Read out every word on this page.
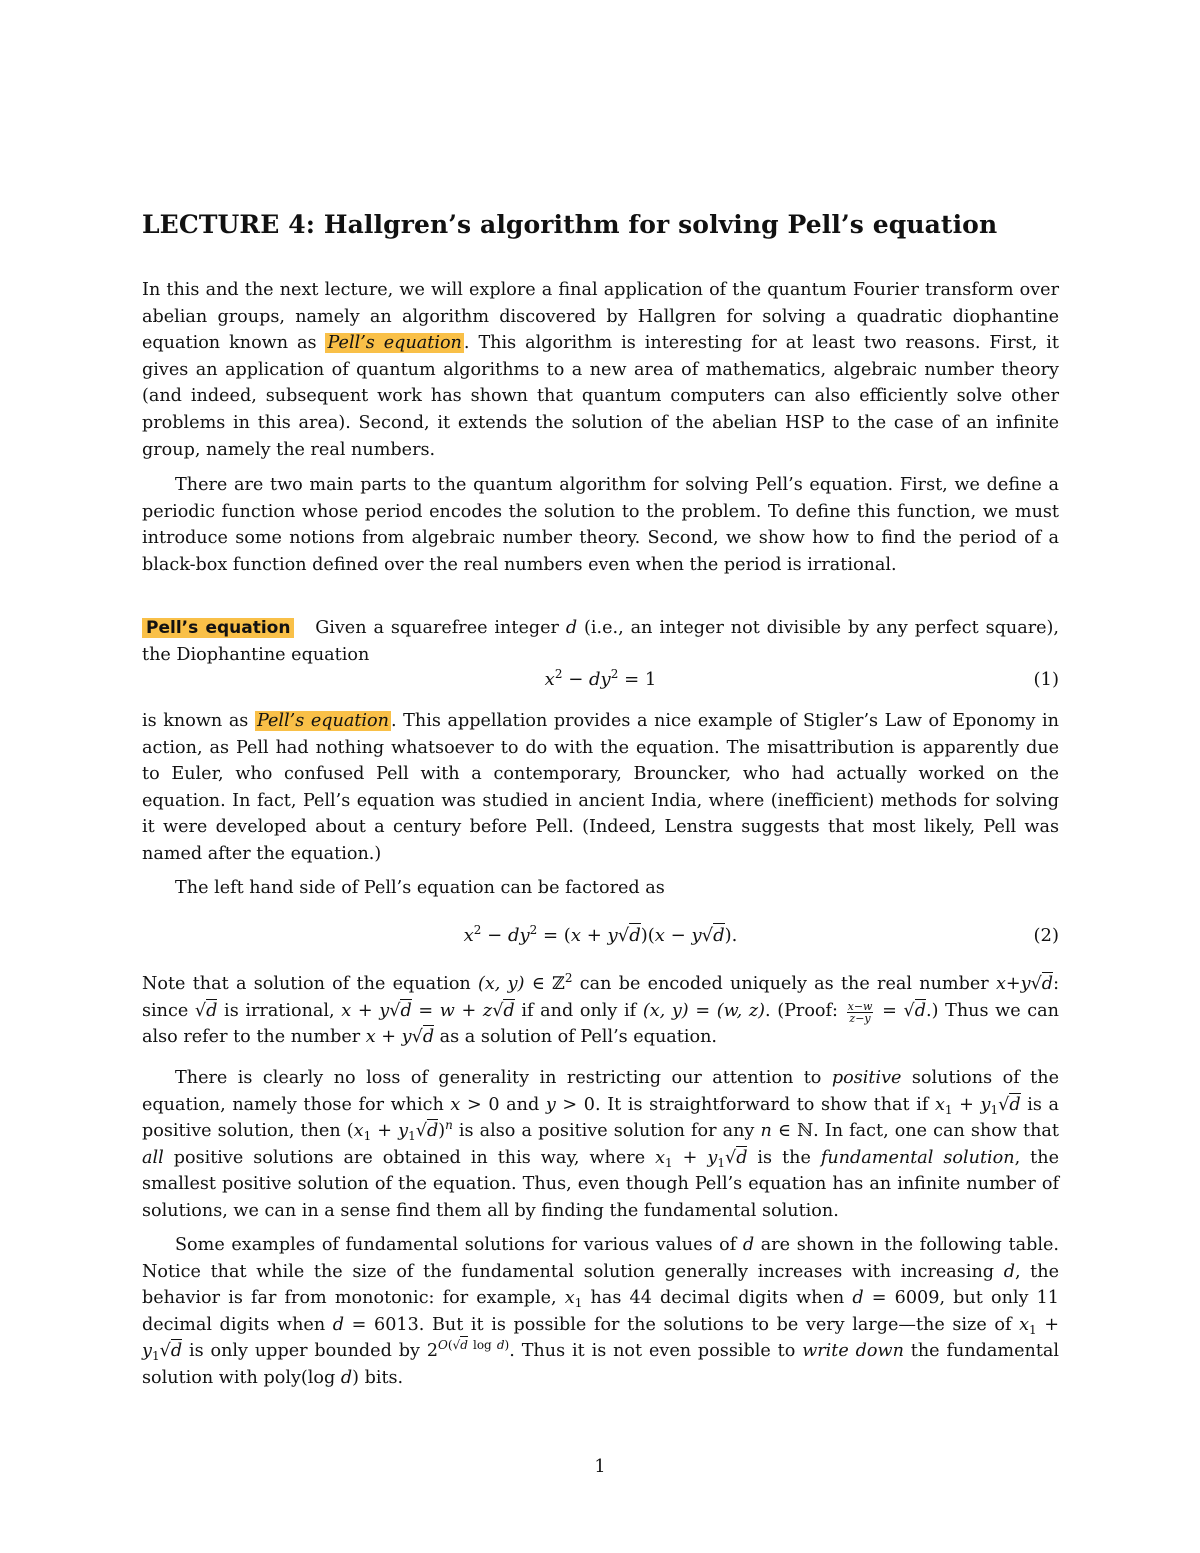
LECTURE 4: Hallgren’s algorithm for solving Pell’s equation
In this and the next lecture, we will explore a final application of the quantum Fourier transform over abelian groups, namely an algorithm discovered by Hallgren for solving a quadratic diophantine equation known as Pell’s equation . This algorithm is interesting for at least two reasons. First, it gives an application of quantum algorithms to a new area of mathematics, algebraic number theory (and indeed, subsequent work has shown that quantum computers can also efficiently solve other problems in this area). Second, it extends the solution of the abelian HSP to the case of an infinite group, namely the real numbers.
There are two main parts to the quantum algorithm for solving Pell’s equation. First, we define a periodic function whose period encodes the solution to the problem. To define this function, we must introduce some notions from algebraic number theory. Second, we show how to find the period of a black-box function defined over the real numbers even when the period is irrational.
Pell’s equation Given a squarefree integer d (i.e., an integer not divisible by any perfect square), the Diophantine equation
$x^2 - dy^2 = 1$	(1)
is known as Pell’s equation . This appellation provides a nice example of Stigler’s Law of Eponomy in action, as Pell had nothing whatsoever to do with the equation. The misattribution is apparently due to Euler, who confused Pell with a contemporary, Brouncker, who had actually worked on the equation. In fact, Pell’s equation was studied in ancient India, where (inefficient) methods for solving it were developed about a century before Pell. (Indeed, Lenstra suggests that most likely, Pell was named after the equation.)
The left hand side of Pell’s equation can be factored as
$x^2 - dy^2 = (x + y√d)(x - y√d)$.	(2)
Note that a solution of the equation (x, y) ∈ ℤ$^2$ can be encoded uniquely as the real number x+y√d: since √d is irrational, x + y√d = w + z√d if and only if (x, y) = (w, z). (Proof: $\frac{x-w}{z-y} = √d$.) Thus we can also refer to the number x + y√d as a solution of Pell’s equation.
There is clearly no loss of generality in restricting our attention to positive solutions of the equation, namely those for which x > 0 and y > 0. It is straightforward to show that if $x_1 + y_1√d$ is a positive solution, then $(x_1 + y_1√d)^n$ is also a positive solution for any n ∈ ℕ. In fact, one can show that all positive solutions are obtained in this way, where $x_1 + y_1√d$ is the fundamental solution, the smallest positive solution of the equation. Thus, even though Pell’s equation has an infinite number of solutions, we can in a sense find them all by finding the fundamental solution.
Some examples of fundamental solutions for various values of d are shown in the following table. Notice that while the size of the fundamental solution generally increases with increasing d, the behavior is far from monotonic: for example, $x_1$ has 44 decimal digits when d = 6009, but only 11 decimal digits when d = 6013. But it is possible for the solutions to be very large—the size of $x_1 + y_1√d$ is only upper bounded by $2^{O(√d log d)}$. Thus it is not even possible to write down the fundamental solution with poly(log d) bits.
1
